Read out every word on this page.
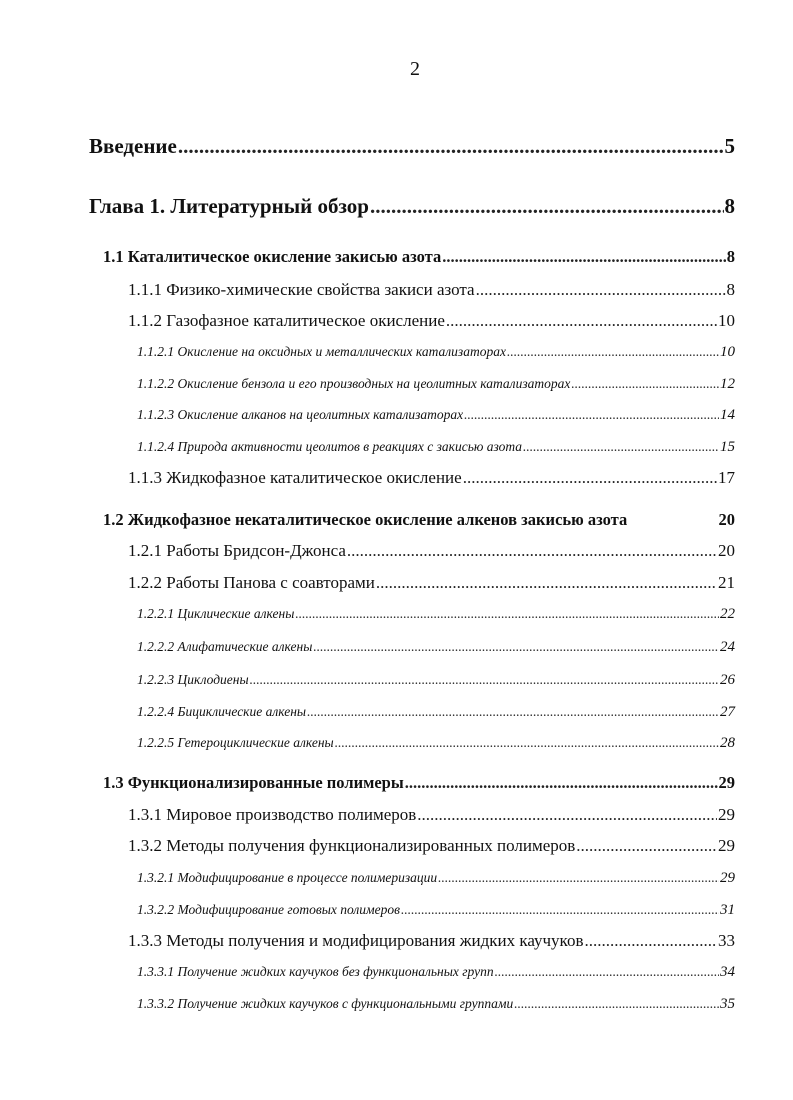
2
Введение .....	5
Глава 1. Литературный обзор .....	8
1.1 Каталитическое окисление закисью азота .....	8
1.1.1 Физико-химические свойства закиси азота .....	8
1.1.2 Газофазное каталитическое окисление .....	10
1.1.2.1 Окисление на оксидных и металлических катализаторах .....	10
1.1.2.2 Окисление бензола и его производных на цеолитных катализаторах .....	12
1.1.2.3 Окисление алканов на цеолитных катализаторах .....	14
1.1.2.4 Природа активности цеолитов в реакциях с закисью азота .....	15
1.1.3 Жидкофазное каталитическое окисление .....	17
1.2 Жидкофазное некаталитическое окисление алкенов закисью азота	20
1.2.1 Работы Бридсон-Джонса .....	20
1.2.2 Работы Панова с соавторами .....	21
1.2.2.1 Циклические алкены .....	22
1.2.2.2 Алифатические алкены .....	24
1.2.2.3 Циклодиены .....	26
1.2.2.4 Бициклические алкены .....	27
1.2.2.5 Гетероциклические алкены .....	28
1.3 Функционализированные полимеры .....	29
1.3.1 Мировое производство полимеров .....	29
1.3.2 Методы получения функционализированных полимеров .....	29
1.3.2.1 Модифицирование в процессе полимеризации .....	29
1.3.2.2 Модифицирование готовых полимеров .....	31
1.3.3 Методы получения и модифицирования жидких каучуков .....	33
1.3.3.1 Получение жидких каучуков без функциональных групп .....	34
1.3.3.2 Получение жидких каучуков с функциональными группами .....	35
